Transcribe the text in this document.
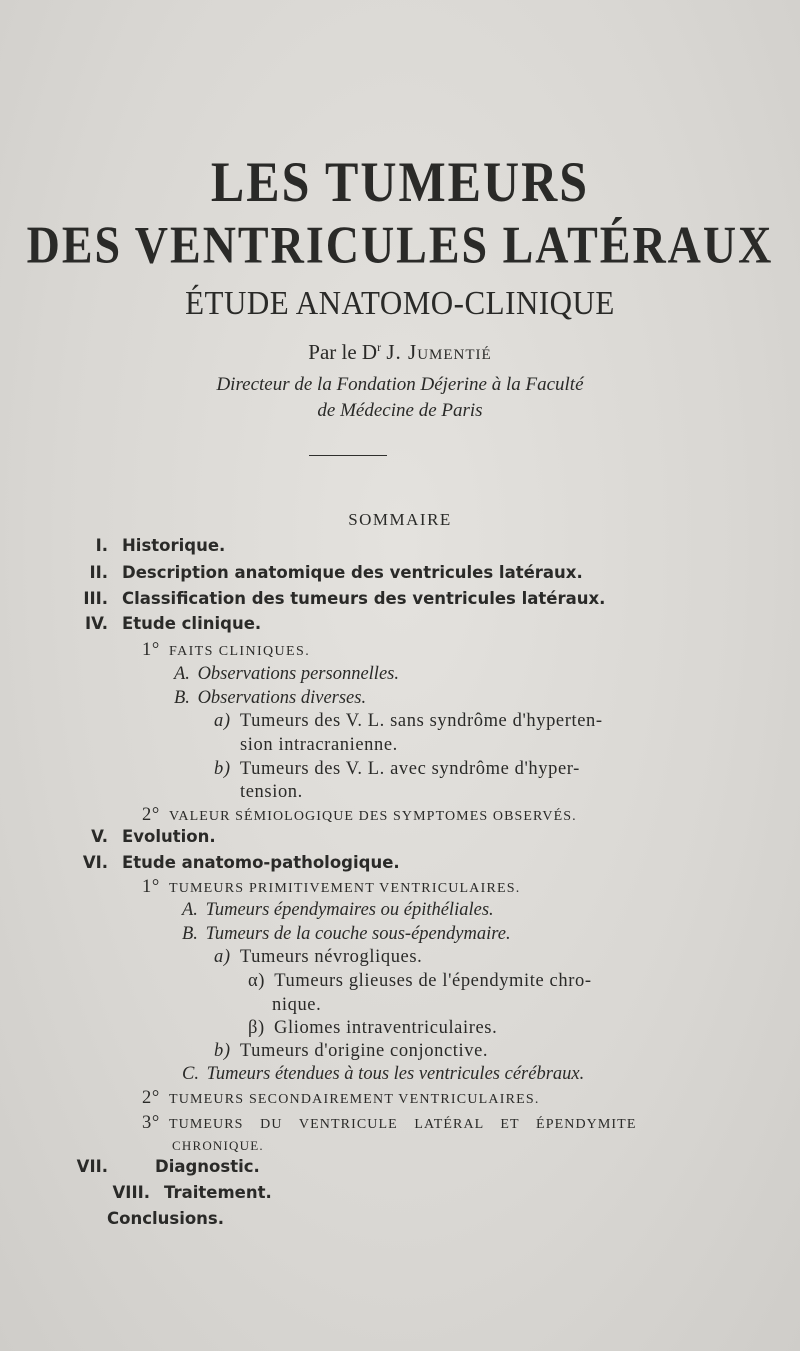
LES TUMEURS
DES VENTRICULES LATÉRAUX
ÉTUDE ANATOMO-CLINIQUE
Par le $D^r$ J. Jumentié
Directeur de la Fondation Déjerine à la Faculté
de Médecine de Paris
SOMMAIRE
I. Historique.
II. Description anatomique des ventricules latéraux.
III. Classification des tumeurs des ventricules latéraux.
IV. Etude clinique.
1° FAITS CLINIQUES.
A. Observations personnelles.
B. Observations diverses.
a) Tumeurs des V. L. sans syndrôme d'hyperten-
sion intracranienne.
b) Tumeurs des V. L. avec syndrôme d'hyper-
tension.
2° VALEUR SÉMIOLOGIQUE DES SYMPTOMES OBSERVÉS.
V. Evolution.
VI. Etude anatomo-pathologique.
1° TUMEURS PRIMITIVEMENT VENTRICULAIRES.
A. Tumeurs épendymaires ou épithéliales.
B. Tumeurs de la couche sous-épendymaire.
a) Tumeurs névrogliques.
α) Tumeurs glieuses de l'épendymite chro-
nique.
β) Gliomes intraventriculaires.
b) Tumeurs d'origine conjonctive.
C. Tumeurs étendues à tous les ventricules cérébraux.
2° TUMEURS SECONDAIREMENT VENTRICULAIRES.
3° TUMEURS DU VENTRICULE LATÉRAL ET ÉPENDYMITE
CHRONIQUE.
VII.	Diagnostic.
VIII. Traitement.
Conclusions.
